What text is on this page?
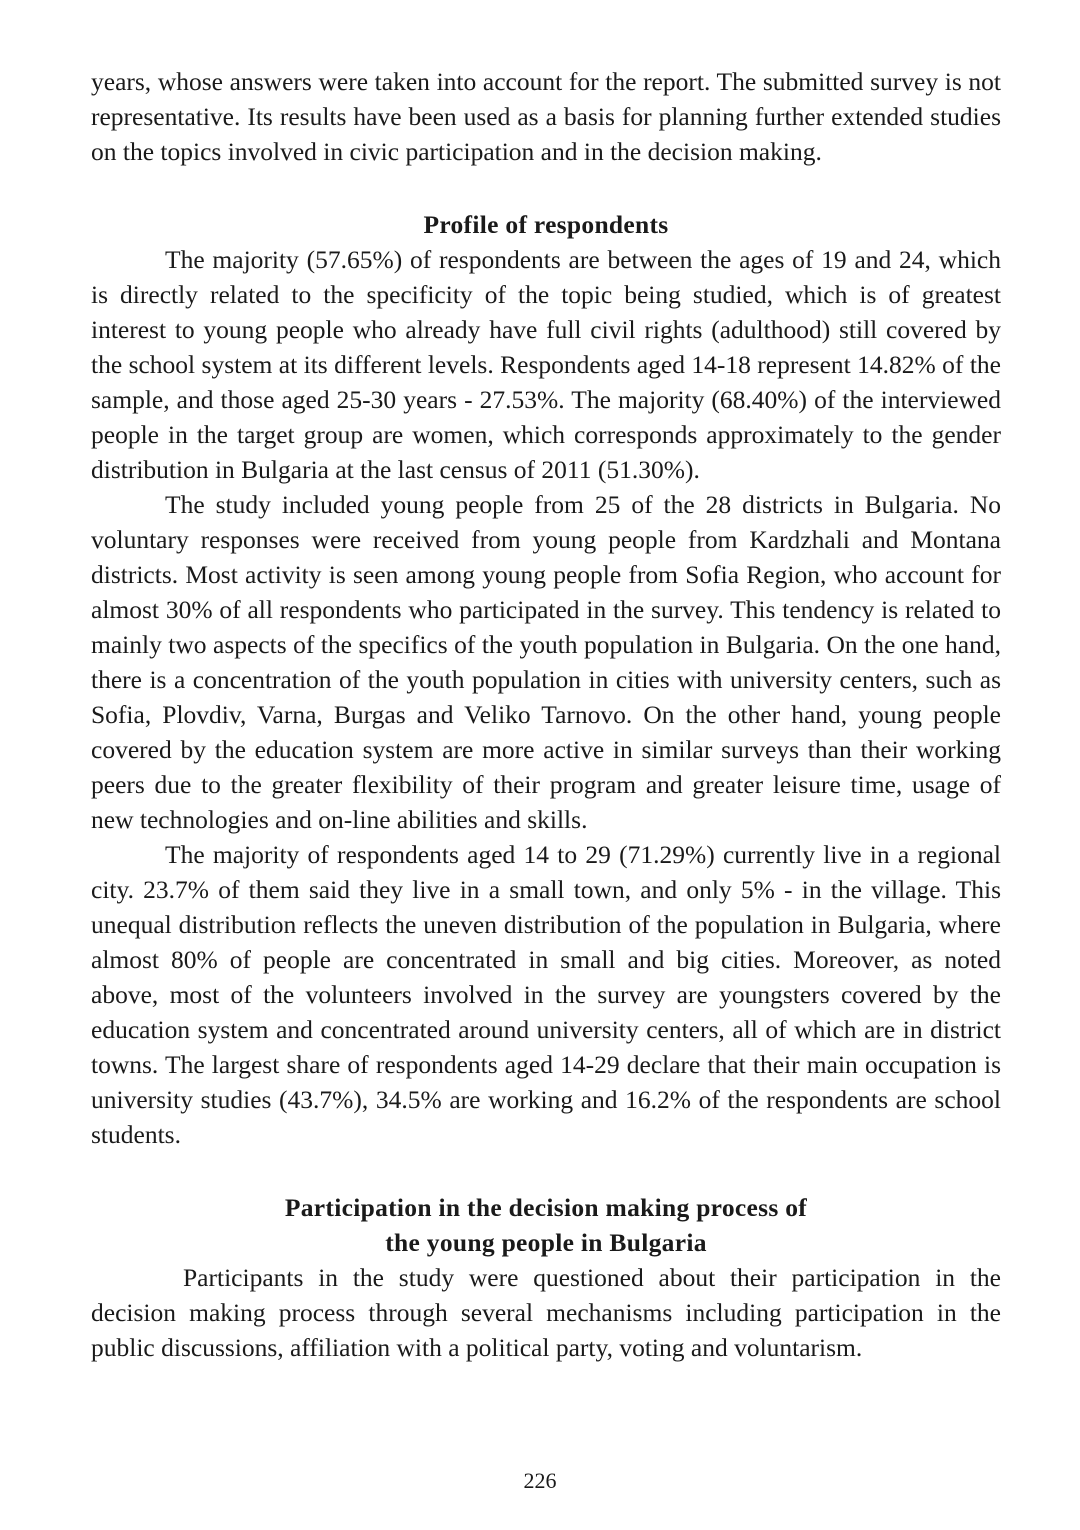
years, whose answers were taken into account for the report. The submitted survey is not representative. Its results have been used as a basis for planning further extended studies on the topics involved in civic participation and in the decision making.

Profile of respondents

The majority (57.65%) of respondents are between the ages of 19 and 24, which is directly related to the specificity of the topic being studied, which is of greatest interest to young people who already have full civil rights (adulthood) still covered by the school system at its different levels. Respondents aged 14-18 represent 14.82% of the sample, and those aged 25-30 years - 27.53%. The majority (68.40%) of the interviewed people in the target group are women, which corresponds approximately to the gender distribution in Bulgaria at the last census of 2011 (51.30%).

The study included young people from 25 of the 28 districts in Bulgaria. No voluntary responses were received from young people from Kardzhali and Montana districts. Most activity is seen among young people from Sofia Region, who account for almost 30% of all respondents who participated in the survey. This tendency is related to mainly two aspects of the specifics of the youth population in Bulgaria. On the one hand, there is a concentration of the youth population in cities with university centers, such as Sofia, Plovdiv, Varna, Burgas and Veliko Tarnovo. On the other hand, young people covered by the education system are more active in similar surveys than their working peers due to the greater flexibility of their program and greater leisure time, usage of new technologies and on-line abilities and skills.

The majority of respondents aged 14 to 29 (71.29%) currently live in a regional city. 23.7% of them said they live in a small town, and only 5% - in the village. This unequal distribution reflects the uneven distribution of the population in Bulgaria, where almost 80% of people are concentrated in small and big cities. Moreover, as noted above, most of the volunteers involved in the survey are youngsters covered by the education system and concentrated around university centers, all of which are in district towns. The largest share of respondents aged 14-29 declare that their main occupation is university studies (43.7%), 34.5% are working and 16.2% of the respondents are school students.

Participation in the decision making process of
the young people in Bulgaria

Participants in the study were questioned about their participation in the decision making process through several mechanisms including participation in the public discussions, affiliation with a political party, voting and voluntarism.

226
